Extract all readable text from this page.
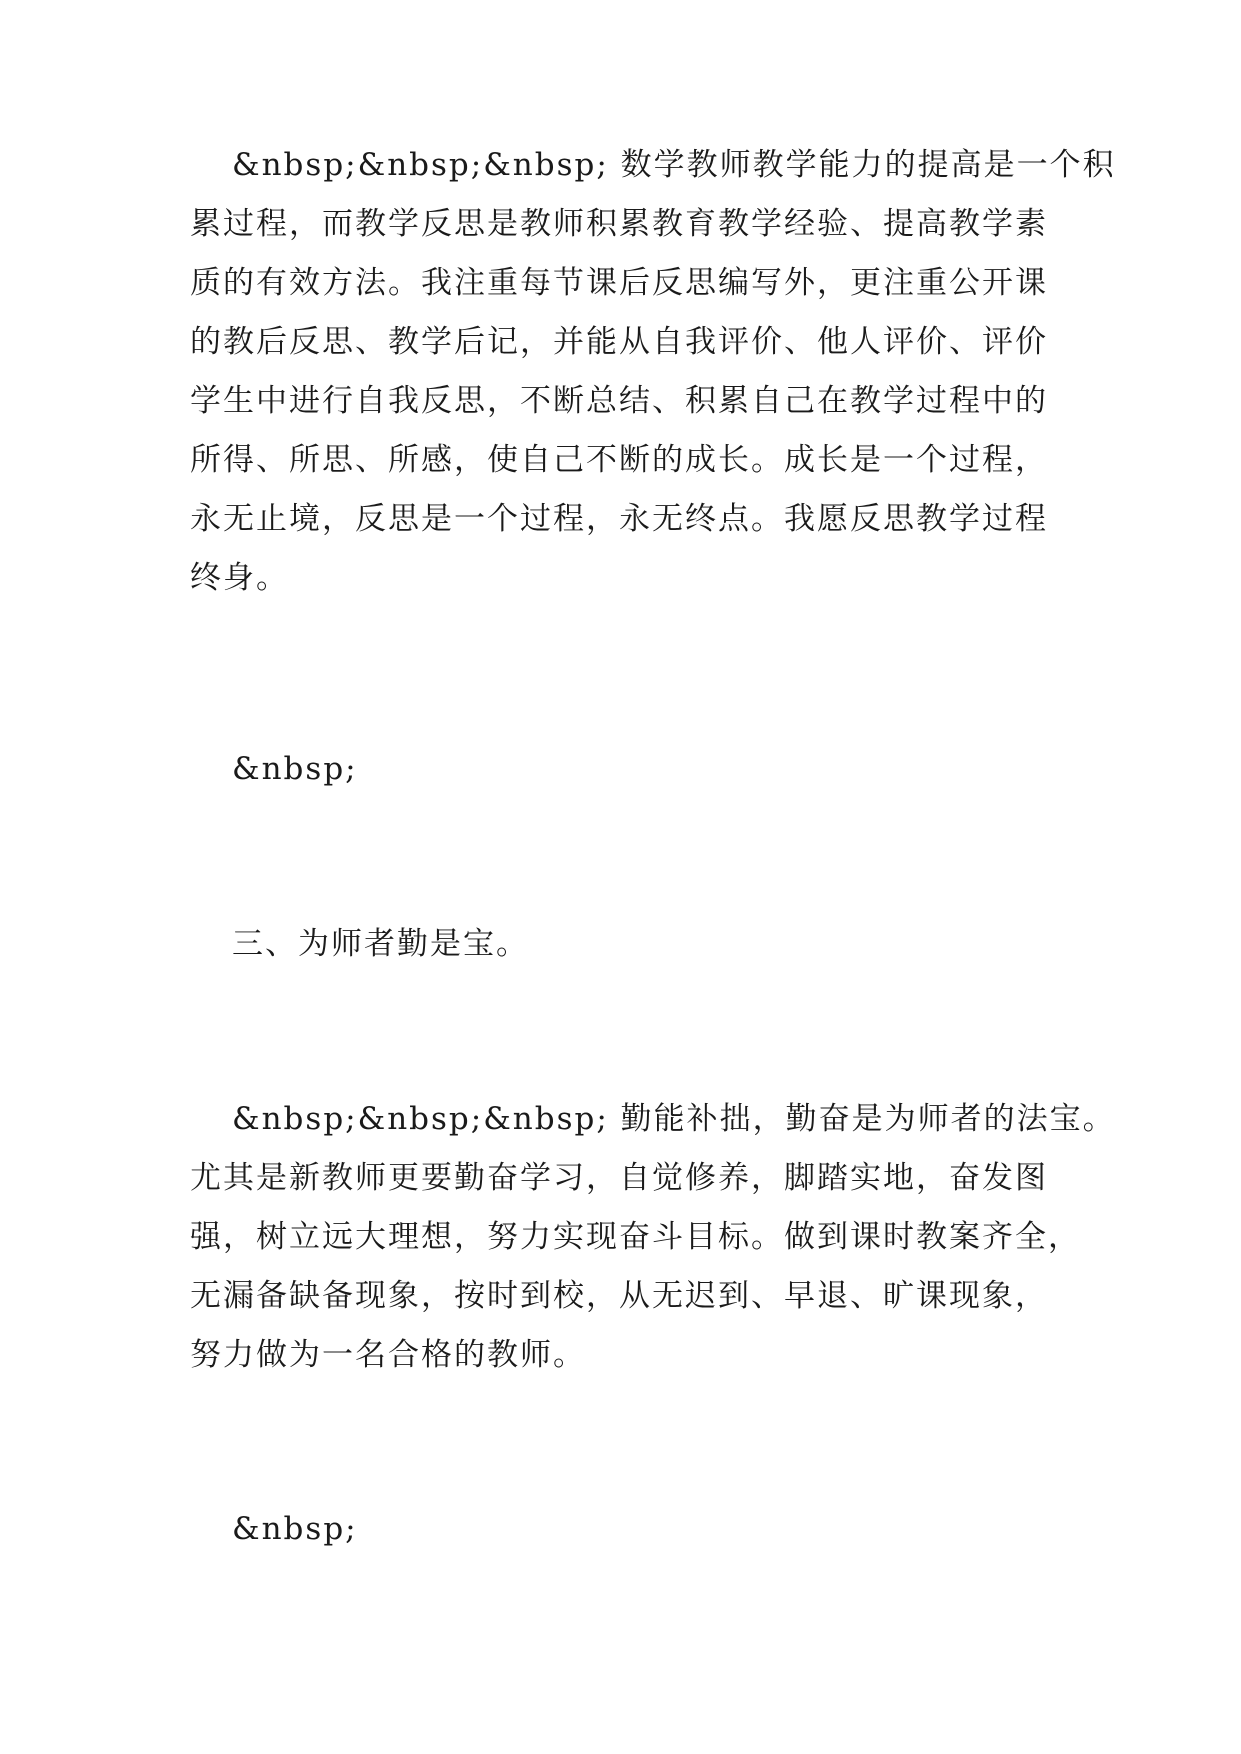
&nbsp;&nbsp;&nbsp; 数学教师教学能力的提高是一个积
累过程，而教学反思是教师积累教育教学经验、提高教学素
质的有效方法。我注重每节课后反思编写外，更注重公开课
的教后反思、教学后记，并能从自我评价、他人评价、评价
学生中进行自我反思，不断总结、积累自己在教学过程中的
所得、所思、所感，使自己不断的成长。成长是一个过程，
永无止境，反思是一个过程，永无终点。我愿反思教学过程
终身。
&nbsp;
三、为师者勤是宝。
&nbsp;&nbsp;&nbsp; 勤能补拙，勤奋是为师者的法宝。
尤其是新教师更要勤奋学习，自觉修养，脚踏实地，奋发图
强，树立远大理想，努力实现奋斗目标。做到课时教案齐全，
无漏备缺备现象，按时到校，从无迟到、早退、旷课现象，
努力做为一名合格的教师。
&nbsp;
